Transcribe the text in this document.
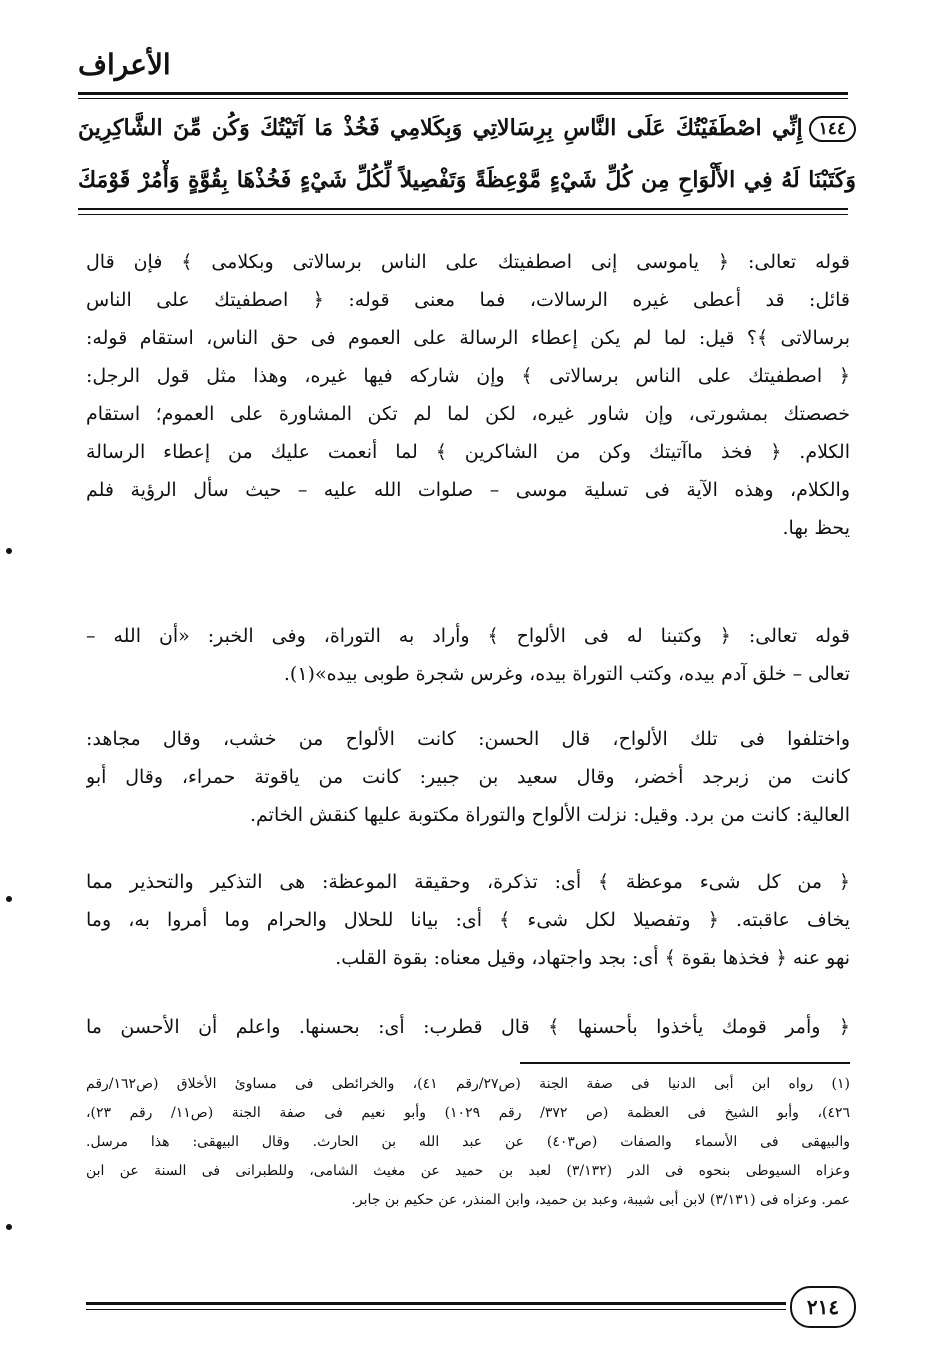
الأعراف
١٤٤إِنِّي اصْطَفَيْتُكَ عَلَى النَّاسِ بِرِسَالاتِي وَبِكَلامِي فَخُذْ مَا آتَيْتُكَ وَكُن مِّنَ الشَّاكِرِينَ
وَكَتَبْنَا لَهُ فِي الأَلْوَاحِ مِن كُلِّ شَيْءٍ مَّوْعِظَةً وَتَفْصِيلاً لِّكُلِّ شَيْءٍ فَخُذْهَا بِقُوَّةٍ وَأْمُرْ قَوْمَكَ
قوله تعالى: ﴿ ياموسى إنى اصطفيتك على الناس برسالاتى وبكلامى ﴾ فإن قال
قائل: قد أعطى غيره الرسالات، فما معنى قوله: ﴿ اصطفيتك على الناس
برسالاتى ﴾؟ قيل: لما لم يكن إعطاء الرسالة على العموم فى حق الناس، استقام قوله:
﴿ اصطفيتك على الناس برسالاتى ﴾ وإن شاركه فيها غيره، وهذا مثل قول الرجل:
خصصتك بمشورتى، وإن شاور غيره، لكن لما لم تكن المشاورة على العموم؛ استقام
الكلام. ﴿ فخذ ماآتيتك وكن من الشاكرين ﴾ لما أنعمت عليك من إعطاء الرسالة
والكلام، وهذه الآية فى تسلية موسى – صلوات الله عليه – حيث سأل الرؤية فلم
يحظ بها.
قوله تعالى: ﴿ وكتبنا له فى الألواح ﴾ وأراد به التوراة، وفى الخبر: «أن الله –
تعالى – خلق آدم بيده، وكتب التوراة بيده، وغرس شجرة طوبى بيده»(١).
واختلفوا فى تلك الألواح، قال الحسن: كانت الألواح من خشب، وقال مجاهد:
كانت من زبرجد أخضر، وقال سعيد بن جبير: كانت من ياقوتة حمراء، وقال أبو
العالية: كانت من برد. وقيل: نزلت الألواح والتوراة مكتوبة عليها كنقش الخاتم.
﴿ من كل شىء موعظة ﴾ أى: تذكرة، وحقيقة الموعظة: هى التذكير والتحذير مما
يخاف عاقبته. ﴿ وتفصيلا لكل شىء ﴾ أى: بيانا للحلال والحرام وما أمروا به، وما
نهو عنه ﴿ فخذها بقوة ﴾ أى: بجد واجتهاد، وقيل معناه: بقوة القلب.
﴿ وأمر قومك يأخذوا بأحسنها ﴾ قال قطرب: أى: بحسنها. واعلم أن الأحسن ما
(١) رواه ابن أبى الدنيا فى صفة الجنة (ص٢٧/رقم ٤١)، والخرائطى فى مساوئ الأخلاق (ص١٦٢/رقم
٤٢٦)، وأبو الشيخ فى العظمة (ص ٣٧٢/ رقم ١٠٢٩) وأبو نعيم فى صفة الجنة (ص١١/ رقم ٢٣)،
والبيهقى فى الأسماء والصفات (ص٤٠٣) عن عبد الله بن الحارث. وقال البيهقى: هذا مرسل.
وعزاه السيوطى بنحوه فى الدر (٣/١٣٢) لعبد بن حميد عن مغيث الشامى، وللطبرانى فى السنة عن ابن
عمر. وعزاه فى (٣/١٣١) لابن أبى شيبة، وعبد بن حميد، وابن المنذر، عن حكيم بن جابر.
٢١٤
